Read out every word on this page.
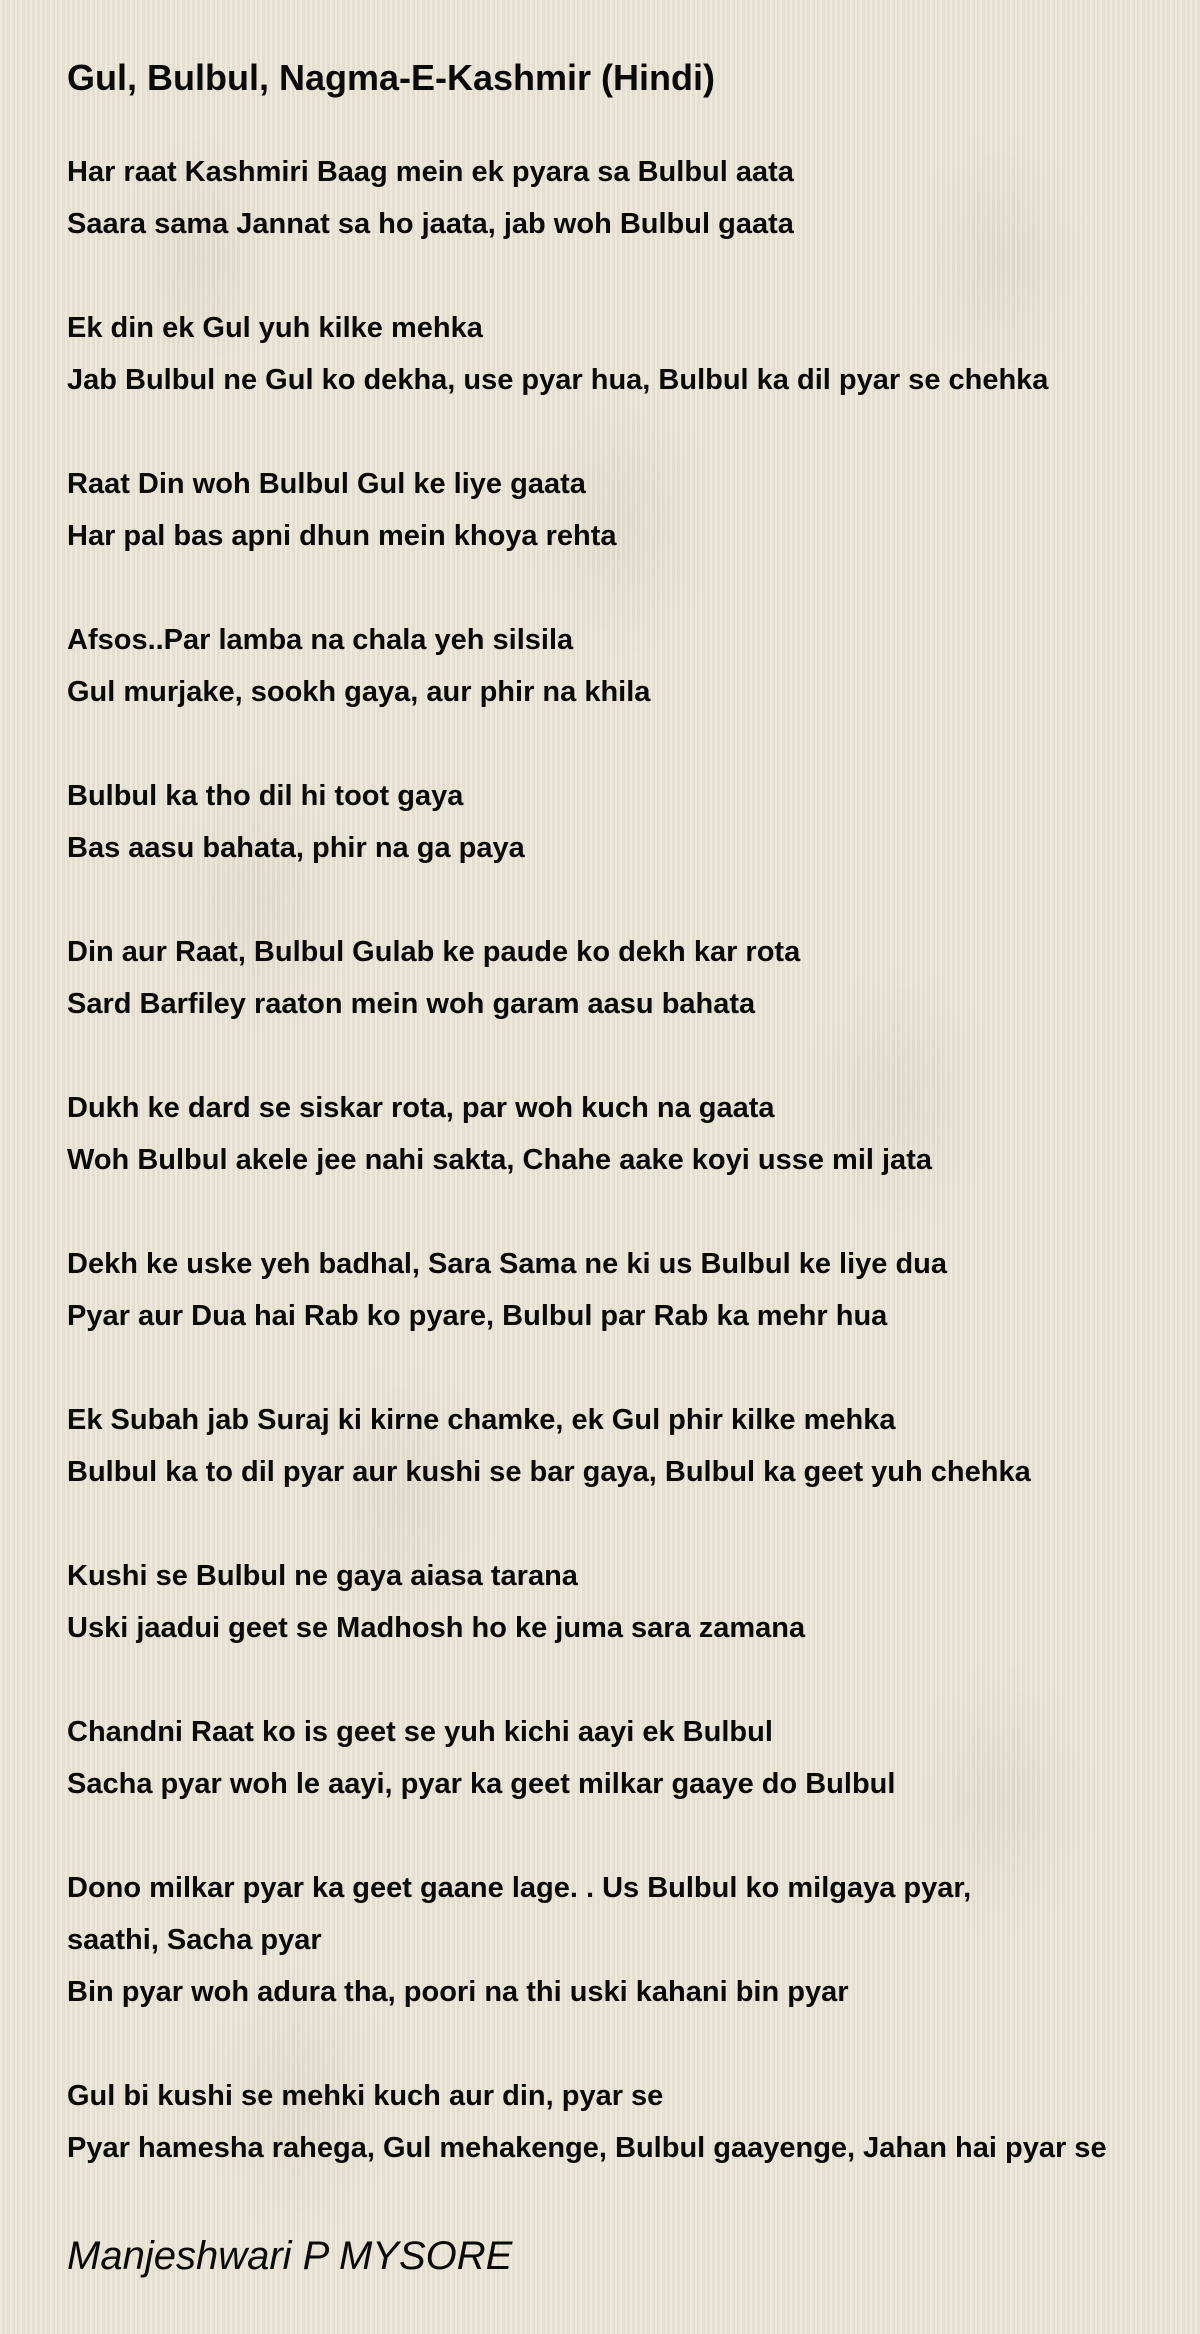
Gul, Bulbul, Nagma-E-Kashmir (Hindi)
Har raat Kashmiri Baag mein ek pyara sa Bulbul aata
Saara sama Jannat sa ho jaata, jab woh Bulbul gaata
Ek din ek Gul yuh kilke mehka
Jab Bulbul ne Gul ko dekha, use pyar hua, Bulbul ka dil pyar se chehka
Raat Din woh Bulbul Gul ke liye gaata
Har pal bas apni dhun mein khoya rehta
Afsos..Par lamba na chala yeh silsila
Gul murjake, sookh gaya, aur phir na khila
Bulbul ka tho dil hi toot gaya
Bas aasu bahata, phir na ga paya
Din aur Raat, Bulbul Gulab ke paude ko dekh kar rota
Sard Barfiley raaton mein woh garam aasu bahata
Dukh ke dard se siskar rota, par woh kuch na gaata
Woh Bulbul akele jee nahi sakta, Chahe aake koyi usse mil jata
Dekh ke uske yeh badhal, Sara Sama ne ki us Bulbul ke liye dua
Pyar aur Dua hai Rab ko pyare, Bulbul par Rab ka mehr hua
Ek Subah jab Suraj ki kirne chamke, ek Gul phir kilke mehka
Bulbul ka to dil pyar aur kushi se bar gaya, Bulbul ka geet yuh chehka
Kushi se Bulbul ne gaya aiasa tarana
Uski jaadui geet se Madhosh ho ke juma sara zamana
Chandni Raat ko is geet se yuh kichi aayi ek Bulbul
Sacha pyar woh le aayi, pyar ka geet milkar gaaye do Bulbul
Dono milkar pyar ka geet gaane lage. . Us Bulbul ko milgaya pyar,
saathi, Sacha pyar
Bin pyar woh adura tha, poori na thi uski kahani bin pyar
Gul bi kushi se mehki kuch aur din, pyar se
Pyar hamesha rahega, Gul mehakenge, Bulbul gaayenge, Jahan hai pyar se
Manjeshwari P MYSORE
